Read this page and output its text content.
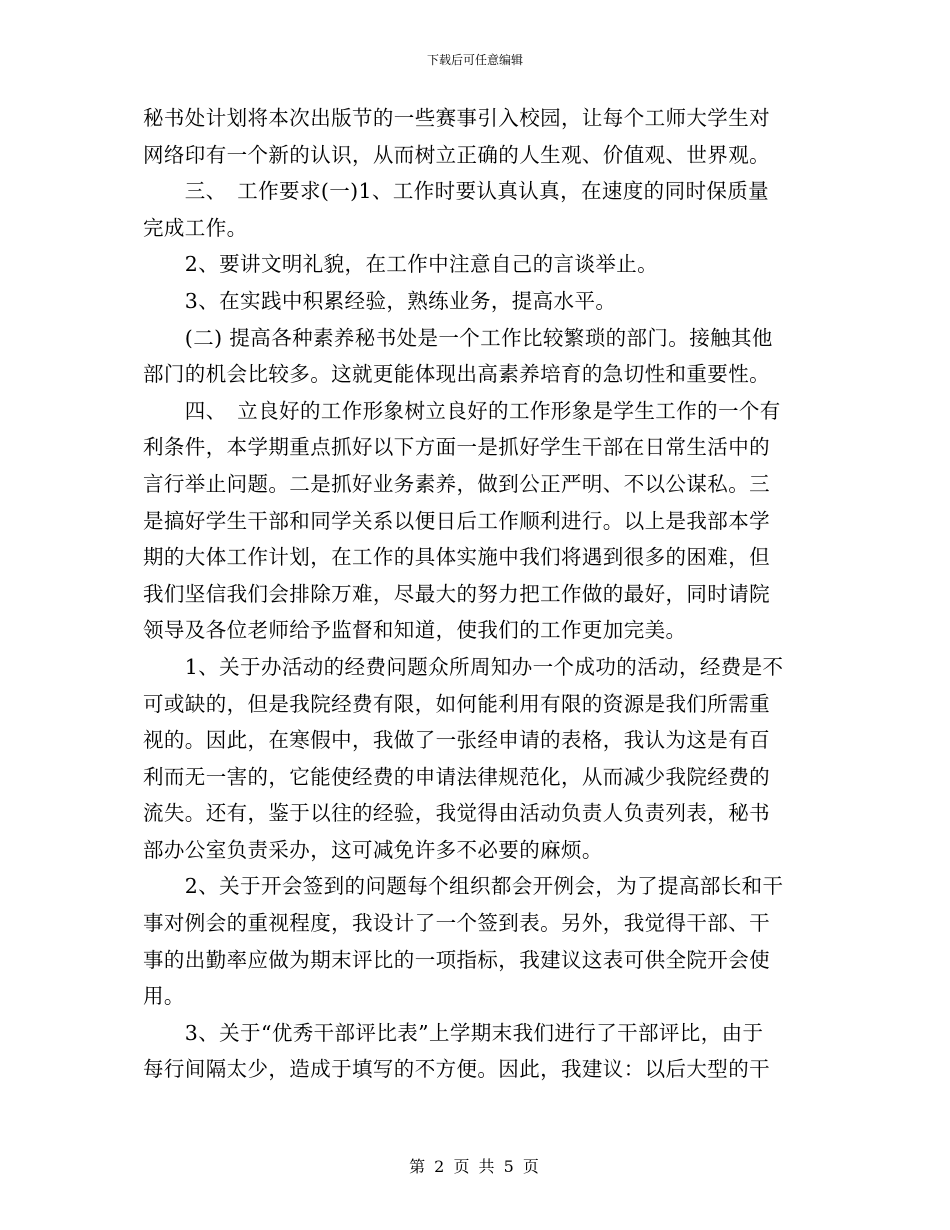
下载后可任意编辑
秘书处计划将本次出版节的一些赛事引入校园，让每个工师大学生对
网络印有一个新的认识，从而树立正确的人生观、价值观、世界观。
　　三、　工作要求(一)1、工作时要认真认真，在速度的同时保质量
完成工作。
　　2、要讲文明礼貌，在工作中注意自己的言谈举止。
　　3、在实践中积累经验，熟练业务，提高水平。
　　(二) 提高各种素养秘书处是一个工作比较繁琐的部门。接触其他
部门的机会比较多。这就更能体现出高素养培育的急切性和重要性。
　　四、　立良好的工作形象树立良好的工作形象是学生工作的一个有
利条件，本学期重点抓好以下方面一是抓好学生干部在日常生活中的
言行举止问题。二是抓好业务素养，做到公正严明、不以公谋私。三
是搞好学生干部和同学关系以便日后工作顺利进行。以上是我部本学
期的大体工作计划，在工作的具体实施中我们将遇到很多的困难，但
我们坚信我们会排除万难，尽最大的努力把工作做的最好，同时请院
领导及各位老师给予监督和知道，使我们的工作更加完美。
　　1、关于办活动的经费问题众所周知办一个成功的活动，经费是不
可或缺的，但是我院经费有限，如何能利用有限的资源是我们所需重
视的。因此，在寒假中，我做了一张经申请的表格，我认为这是有百
利而无一害的，它能使经费的申请法律规范化，从而减少我院经费的
流失。还有，鉴于以往的经验，我觉得由活动负责人负责列表，秘书
部办公室负责采办，这可减免许多不必要的麻烦。
　　2、关于开会签到的问题每个组织都会开例会，为了提高部长和干
事对例会的重视程度，我设计了一个签到表。另外，我觉得干部、干
事的出勤率应做为期末评比的一项指标，我建议这表可供全院开会使
用。
　　3、关于“优秀干部评比表”上学期末我们进行了干部评比，由于
每行间隔太少，造成于填写的不方便。因此，我建议：以后大型的干
第 2 页 共 5 页
